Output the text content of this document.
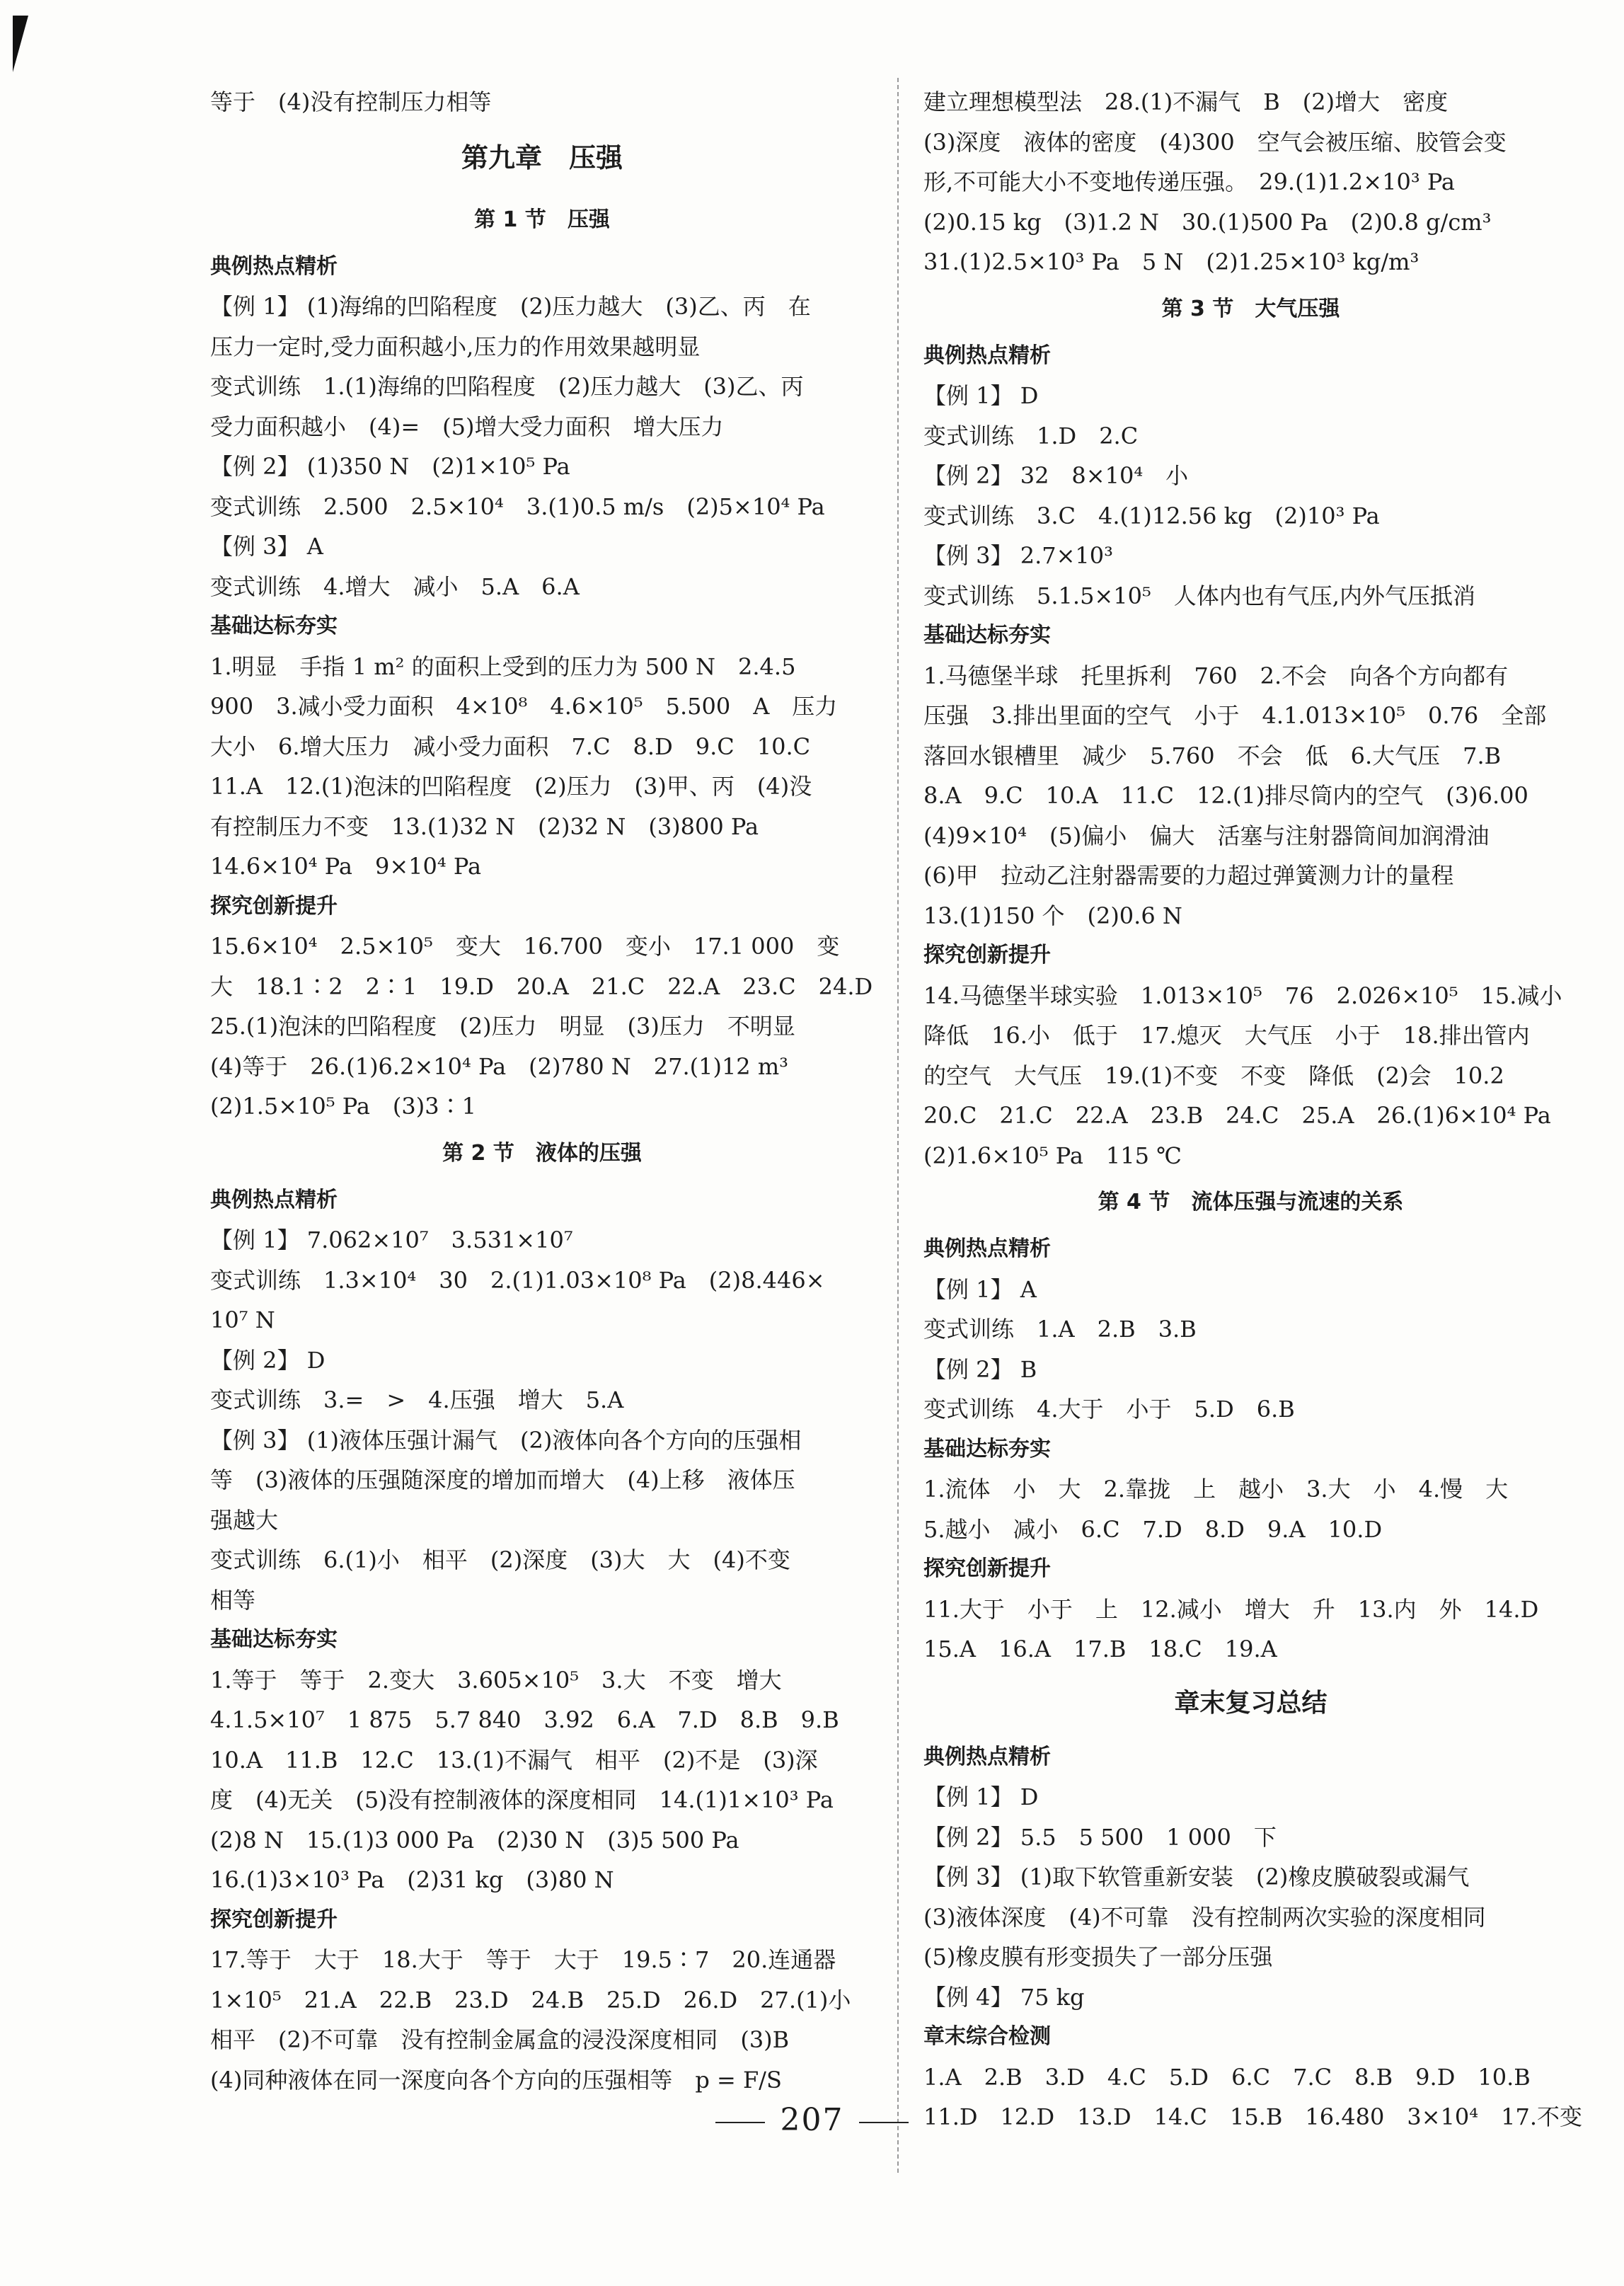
等于　(4)没有控制压力相等
第九章　压强
第 1 节　压强
典例热点精析
【例 1】 (1)海绵的凹陷程度　(2)压力越大　(3)乙、丙　在
压力一定时,受力面积越小,压力的作用效果越明显
变式训练　1.(1)海绵的凹陷程度　(2)压力越大　(3)乙、丙
受力面积越小　(4)=　(5)增大受力面积　增大压力
【例 2】 (1)350 N　(2)1×10⁵ Pa
变式训练　2.500　2.5×10⁴　3.(1)0.5 m/s　(2)5×10⁴ Pa
【例 3】 A
变式训练　4.增大　减小　5.A　6.A
基础达标夯实
1.明显　手指 1 m² 的面积上受到的压力为 500 N　2.4.5
900　3.减小受力面积　4×10⁸　4.6×10⁵　5.500　A　压力
大小　6.增大压力　减小受力面积　7.C　8.D　9.C　10.C
11.A　12.(1)泡沫的凹陷程度　(2)压力　(3)甲、丙　(4)没
有控制压力不变　13.(1)32 N　(2)32 N　(3)800 Pa
14.6×10⁴ Pa　9×10⁴ Pa
探究创新提升
15.6×10⁴　2.5×10⁵　变大　16.700　变小　17.1 000　变
大　18.1∶2　2∶1　19.D　20.A　21.C　22.A　23.C　24.D
25.(1)泡沫的凹陷程度　(2)压力　明显　(3)压力　不明显
(4)等于　26.(1)6.2×10⁴ Pa　(2)780 N　27.(1)12 m³
(2)1.5×10⁵ Pa　(3)3∶1
第 2 节　液体的压强
典例热点精析
【例 1】 7.062×10⁷　3.531×10⁷
变式训练　1.3×10⁴　30　2.(1)1.03×10⁸ Pa　(2)8.446×
10⁷ N
【例 2】 D
变式训练　3.=　>　4.压强　增大　5.A
【例 3】 (1)液体压强计漏气　(2)液体向各个方向的压强相
等　(3)液体的压强随深度的增加而增大　(4)上移　液体压
强越大
变式训练　6.(1)小　相平　(2)深度　(3)大　大　(4)不变
相等
基础达标夯实
1.等于　等于　2.变大　3.605×10⁵　3.大　不变　增大
4.1.5×10⁷　1 875　5.7 840　3.92　6.A　7.D　8.B　9.B
10.A　11.B　12.C　13.(1)不漏气　相平　(2)不是　(3)深
度　(4)无关　(5)没有控制液体的深度相同　14.(1)1×10³ Pa
(2)8 N　15.(1)3 000 Pa　(2)30 N　(3)5 500 Pa
16.(1)3×10³ Pa　(2)31 kg　(3)80 N
探究创新提升
17.等于　大于　18.大于　等于　大于　19.5∶7　20.连通器
1×10⁵　21.A　22.B　23.D　24.B　25.D　26.D　27.(1)小
相平　(2)不可靠　没有控制金属盒的浸没深度相同　(3)B
(4)同种液体在同一深度向各个方向的压强相等　p = F/S
建立理想模型法　28.(1)不漏气　B　(2)增大　密度
(3)深度　液体的密度　(4)300　空气会被压缩、胶管会变
形,不可能大小不变地传递压强。　29.(1)1.2×10³ Pa
(2)0.15 kg　(3)1.2 N　30.(1)500 Pa　(2)0.8 g/cm³
31.(1)2.5×10³ Pa　5 N　(2)1.25×10³ kg/m³
第 3 节　大气压强
典例热点精析
【例 1】 D
变式训练　1.D　2.C
【例 2】 32　8×10⁴　小
变式训练　3.C　4.(1)12.56 kg　(2)10³ Pa
【例 3】 2.7×10³
变式训练　5.1.5×10⁵　人体内也有气压,内外气压抵消
基础达标夯实
1.马德堡半球　托里拆利　760　2.不会　向各个方向都有
压强　3.排出里面的空气　小于　4.1.013×10⁵　0.76　全部
落回水银槽里　减少　5.760　不会　低　6.大气压　7.B
8.A　9.C　10.A　11.C　12.(1)排尽筒内的空气　(3)6.00
(4)9×10⁴　(5)偏小　偏大　活塞与注射器筒间加润滑油
(6)甲　拉动乙注射器需要的力超过弹簧测力计的量程
13.(1)150 个　(2)0.6 N
探究创新提升
14.马德堡半球实验　1.013×10⁵　76　2.026×10⁵　15.减小
降低　16.小　低于　17.熄灭　大气压　小于　18.排出管内
的空气　大气压　19.(1)不变　不变　降低　(2)会　10.2
20.C　21.C　22.A　23.B　24.C　25.A　26.(1)6×10⁴ Pa
(2)1.6×10⁵ Pa　115 ℃
第 4 节　流体压强与流速的关系
典例热点精析
【例 1】 A
变式训练　1.A　2.B　3.B
【例 2】 B
变式训练　4.大于　小于　5.D　6.B
基础达标夯实
1.流体　小　大　2.靠拢　上　越小　3.大　小　4.慢　大
5.越小　减小　6.C　7.D　8.D　9.A　10.D
探究创新提升
11.大于　小于　上　12.减小　增大　升　13.内　外　14.D
15.A　16.A　17.B　18.C　19.A
章末复习总结
典例热点精析
【例 1】 D
【例 2】 5.5　5 500　1 000　下
【例 3】 (1)取下软管重新安装　(2)橡皮膜破裂或漏气
(3)液体深度　(4)不可靠　没有控制两次实验的深度相同
(5)橡皮膜有形变损失了一部分压强
【例 4】 75 kg
章末综合检测
1.A　2.B　3.D　4.C　5.D　6.C　7.C　8.B　9.D　10.B
11.D　12.D　13.D　14.C　15.B　16.480　3×10⁴　17.不变
207
